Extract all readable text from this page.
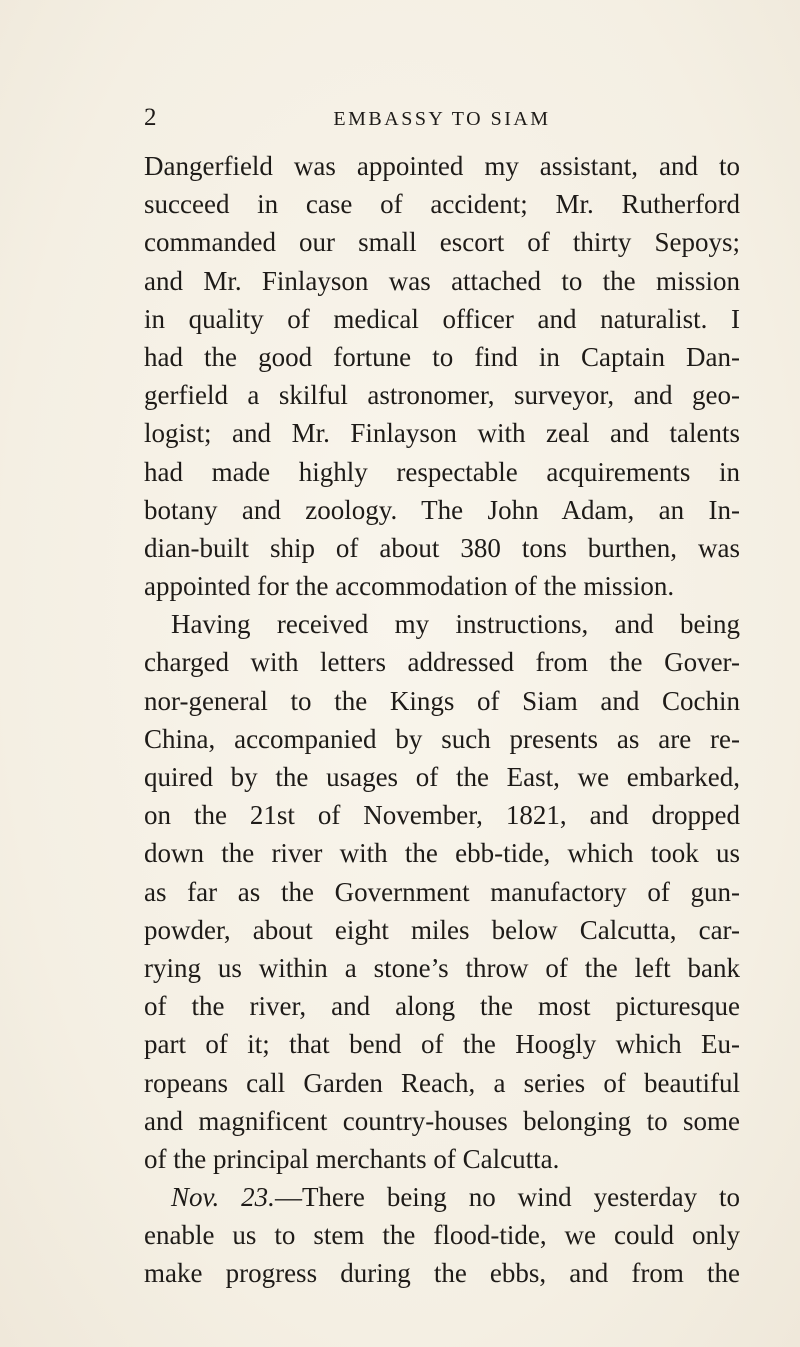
2	EMBASSY TO SIAM
Dangerfield was appointed my assistant, and to
succeed in case of accident; Mr. Rutherford
commanded our small escort of thirty Sepoys;
and Mr. Finlayson was attached to the mission
in quality of medical officer and naturalist. I
had the good fortune to find in Captain Dan-
gerfield a skilful astronomer, surveyor, and geo-
logist; and Mr. Finlayson with zeal and talents
had made highly respectable acquirements in
botany and zoology. The John Adam, an In-
dian-built ship of about 380 tons burthen, was
appointed for the accommodation of the mission.
Having received my instructions, and being
charged with letters addressed from the Gover-
nor-general to the Kings of Siam and Cochin
China, accompanied by such presents as are re-
quired by the usages of the East, we embarked,
on the 21st of November, 1821, and dropped
down the river with the ebb-tide, which took us
as far as the Government manufactory of gun-
powder, about eight miles below Calcutta, car-
rying us within a stone’s throw of the left bank
of the river, and along the most picturesque
part of it; that bend of the Hoogly which Eu-
ropeans call Garden Reach, a series of beautiful
and magnificent country-houses belonging to some
of the principal merchants of Calcutta.
Nov. 23.—There being no wind yesterday to
enable us to stem the flood-tide, we could only
make progress during the ebbs, and from the
